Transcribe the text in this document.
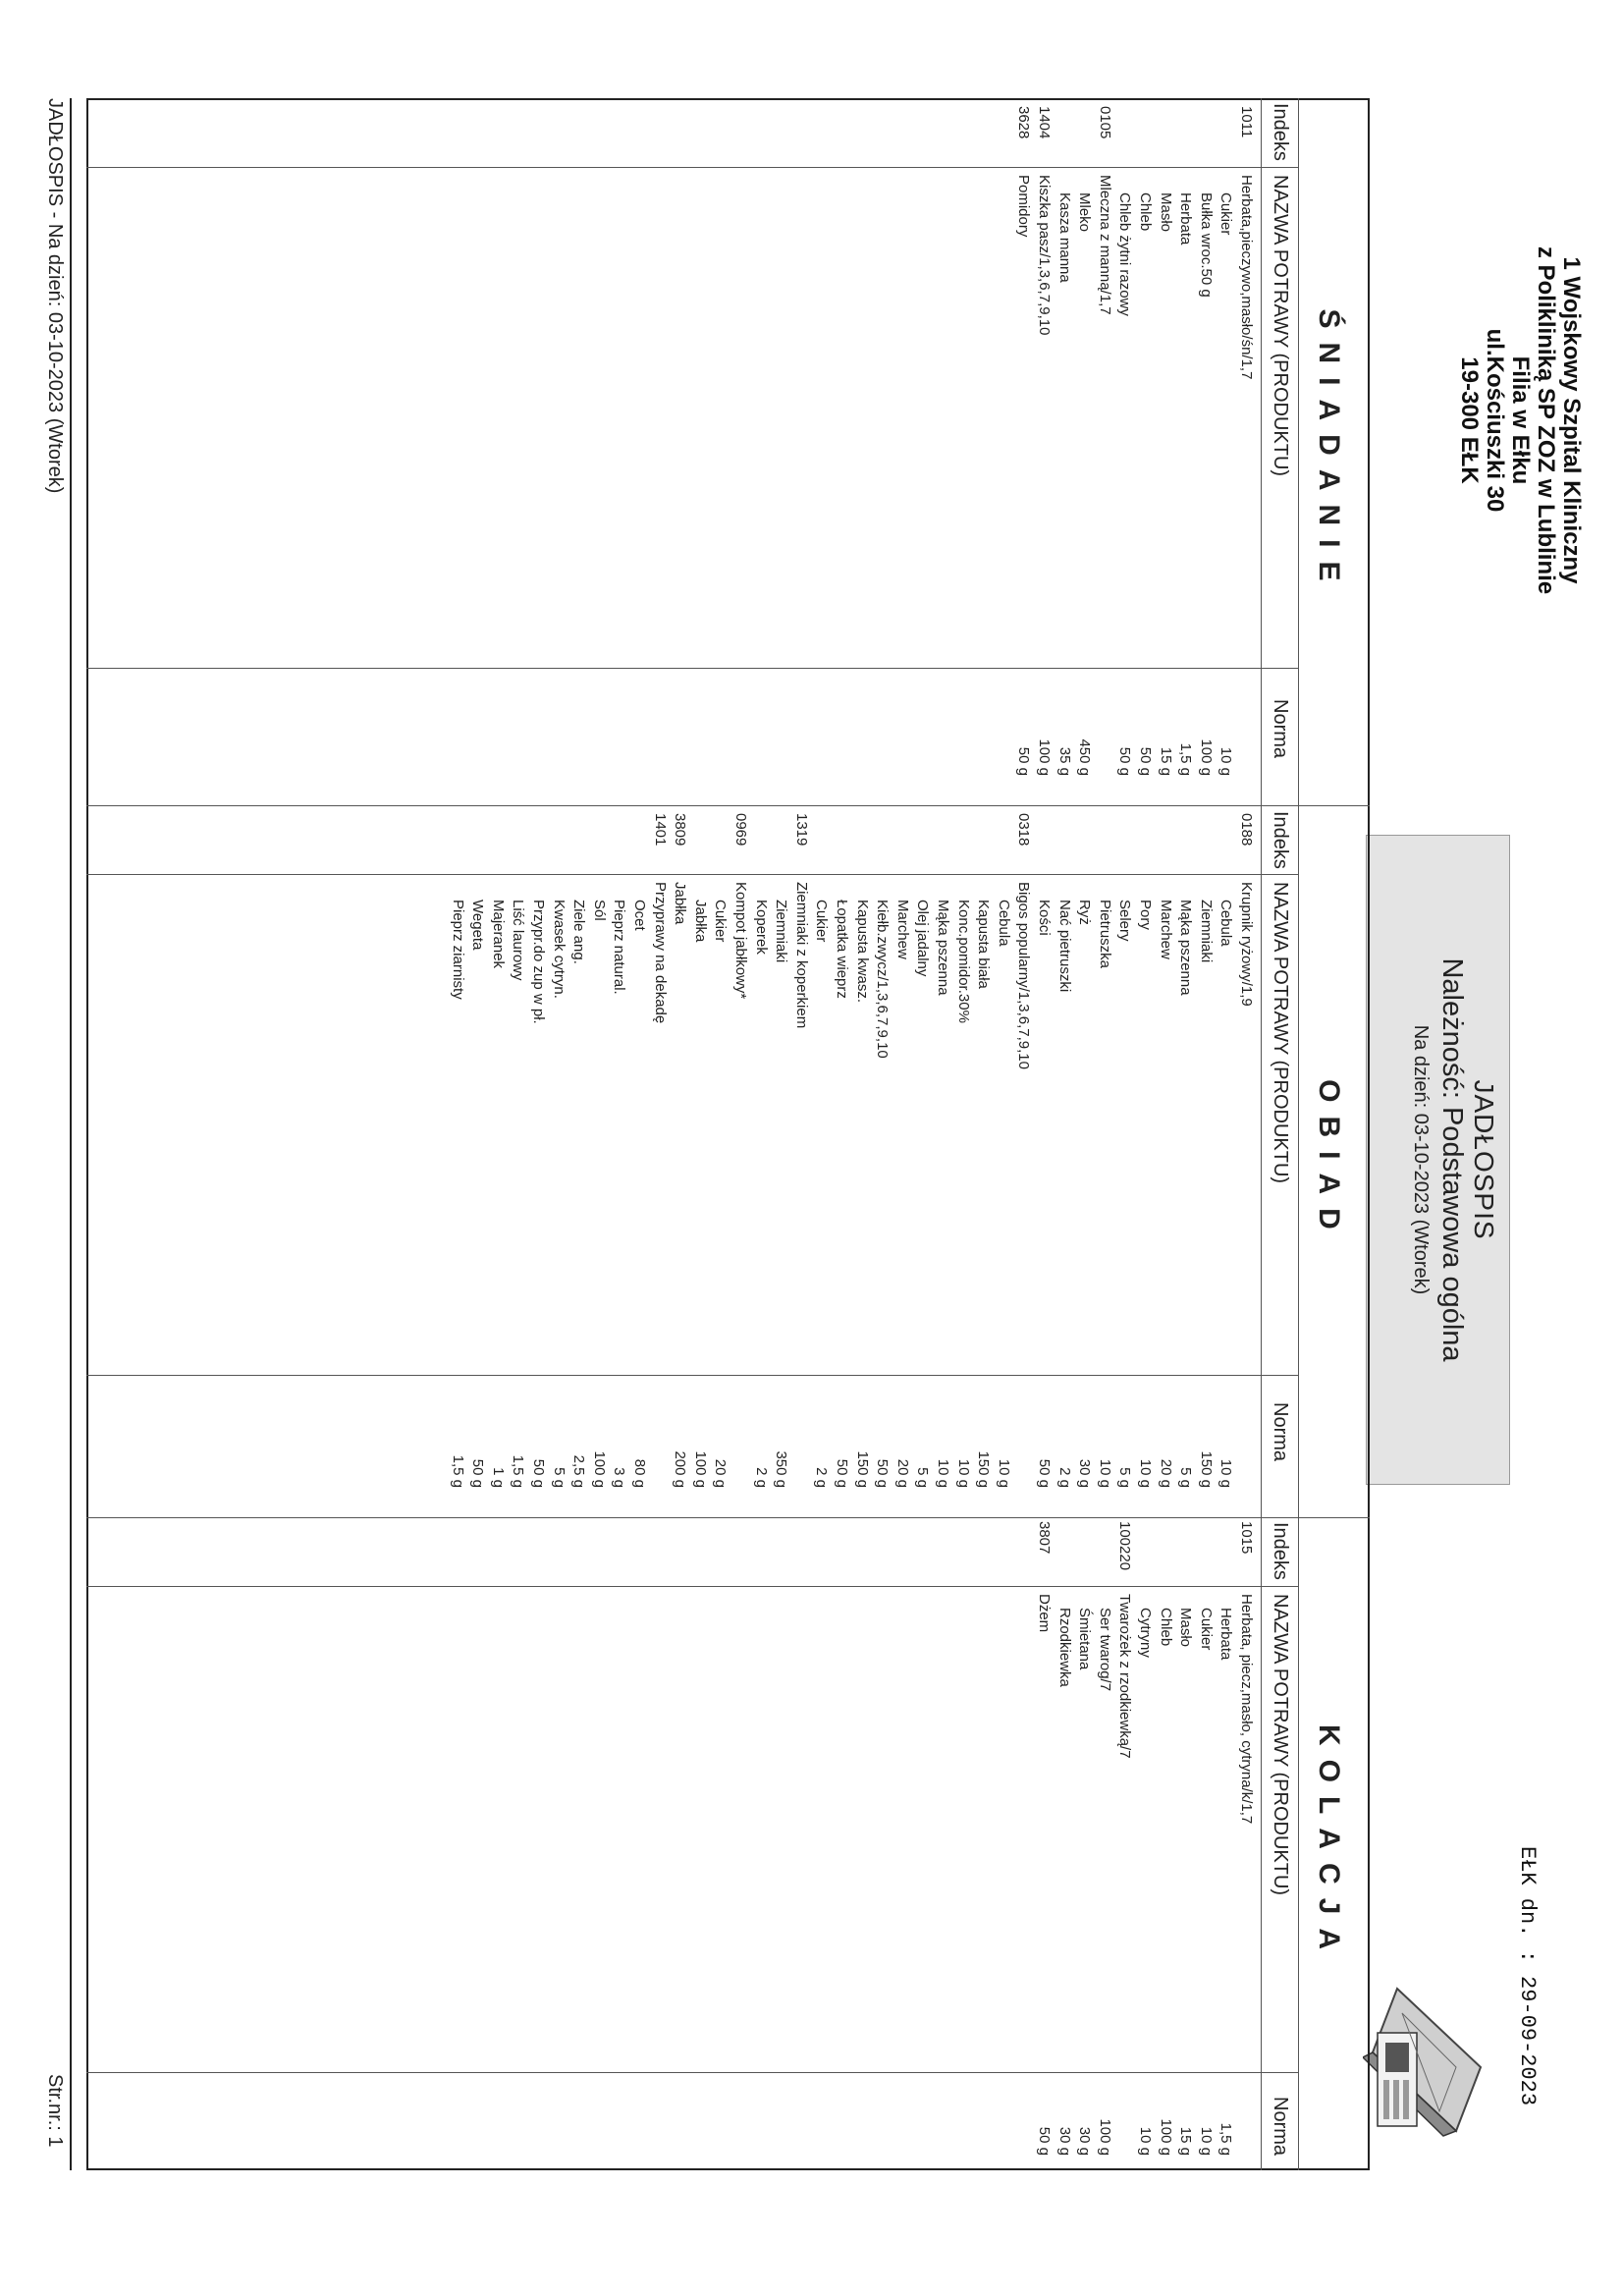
1 Wojskowy Szpital Kliniczny
z Polikliniką SP ZOZ w Lublinie
Filia w Ełku
ul.Kościuszki 30
19-300 EŁK
JADŁOSPIS
Należność: Podstawowa ogólna
Na dzień: 03-10-2023 (Wtorek)
EŁK dn. : 29-09-2023
ŚNIADANIE
OBIAD
KOLACJA
Indeks
NAZWA POTRAWY (PRODUKTU)
Norma
Indeks
NAZWA POTRAWY (PRODUKTU)
Norma
Indeks
NAZWA POTRAWY (PRODUKTU)
Norma
1011
Herbata,pieczywo,masło/śn/1,7
Cukier
10 g
Bułka wroc.50 g
100 g
Herbata
1,5 g
Masło
15 g
Chleb
50 g
Chleb żytni razowy
50 g
0105
Mleczna z manną/1,7
Mleko
450 g
Kasza manna
35 g
1404
Kiszka pasz/1,3,6,7,9,10
100 g
3628
Pomidory
50 g
0188
Krupnik ryżowy/1,9
Cebula
10 g
Ziemniaki
150 g
Mąka pszenna
5 g
Marchew
20 g
Pory
10 g
Selery
5 g
Pietruszka
10 g
Ryż
30 g
Nać pietruszki
2 g
Kości
50 g
0318
Bigos popularny/1,3,6,7,9,10
Cebula
10 g
Kapusta biała
150 g
Konc.pomidor.30%
10 g
Mąka pszenna
10 g
Olej jadalny
5 g
Marchew
20 g
Kiełb.zwycz/1,3,6,7,9,10
50 g
Kapusta kwasz.
150 g
Łopatka wieprz
50 g
Cukier
2 g
1319
Ziemniaki z koperkiem
Ziemniaki
350 g
Koperek
2 g
0969
Kompot jabłkowy*
Cukier
20 g
Jabłka
100 g
3809
Jabłka
200 g
1401
Przyprawy na dekadę
Ocet
80 g
Pieprz natural.
3 g
Sól
100 g
Ziele ang.
2,5 g
Kwasek cytryn.
5 g
Przypr.do zup w pł.
50 g
Liść laurowy
1,5 g
Majeranek
1 g
Wegeta
50 g
Pieprz ziarnisty
1,5 g
1015
Herbata, piecz,masło, cytryna/k/1,7
Herbata
1,5 g
Cukier
10 g
Masło
15 g
Chleb
100 g
Cytryny
10 g
100220
Twarożek z rzodkiewką/7
Ser twarog/7
100 g
Śmietana
30 g
Rzodkiewka
30 g
3807
Dżem
50 g
JADŁOSPIS - Na dzień: 03-10-2023 (Wtorek)
Str.nr.: 1
